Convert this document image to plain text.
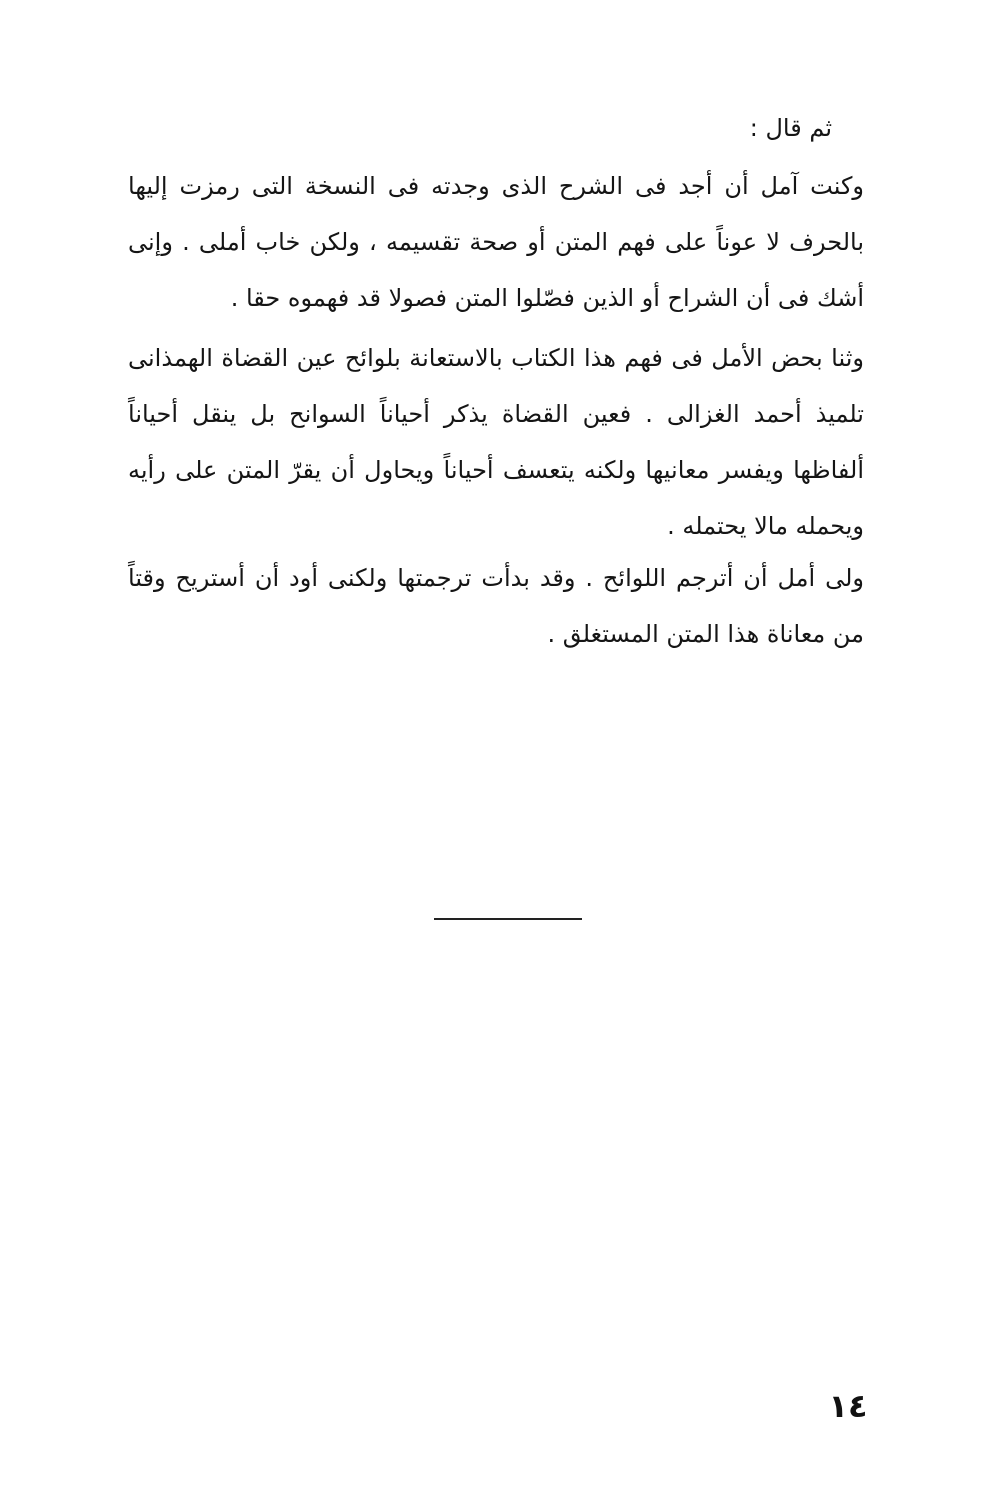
ثم قال :

وكنت آمل أن أجد فى الشرح الذى وجدته فى النسخة التى رمزت إليها بالحرف لا عوناً على فهم المتن أو صحة تقسيمه ، ولكن خاب أملى . وإنى أشك فى أن الشراح أو الذين فصّلوا المتن فصولا قد فهموه حقا .

وثنا بحض الأمل فى فهم هذا الكتاب بالاستعانة بلوائح عين القضاة الهمذانى تلميذ أحمد الغزالى . فعين القضاة يذكر أحياناً السوانح بل ينقل أحياناً ألفاظها ويفسر معانيها ولكنه يتعسف أحياناً ويحاول أن يقرّ المتن على رأيه ويحمله مالا يحتمله .

ولى أمل أن أترجم اللوائح . وقد بدأت ترجمتها ولكنى أود أن أستريح وقتاً من معاناة هذا المتن المستغلق .

١٤
